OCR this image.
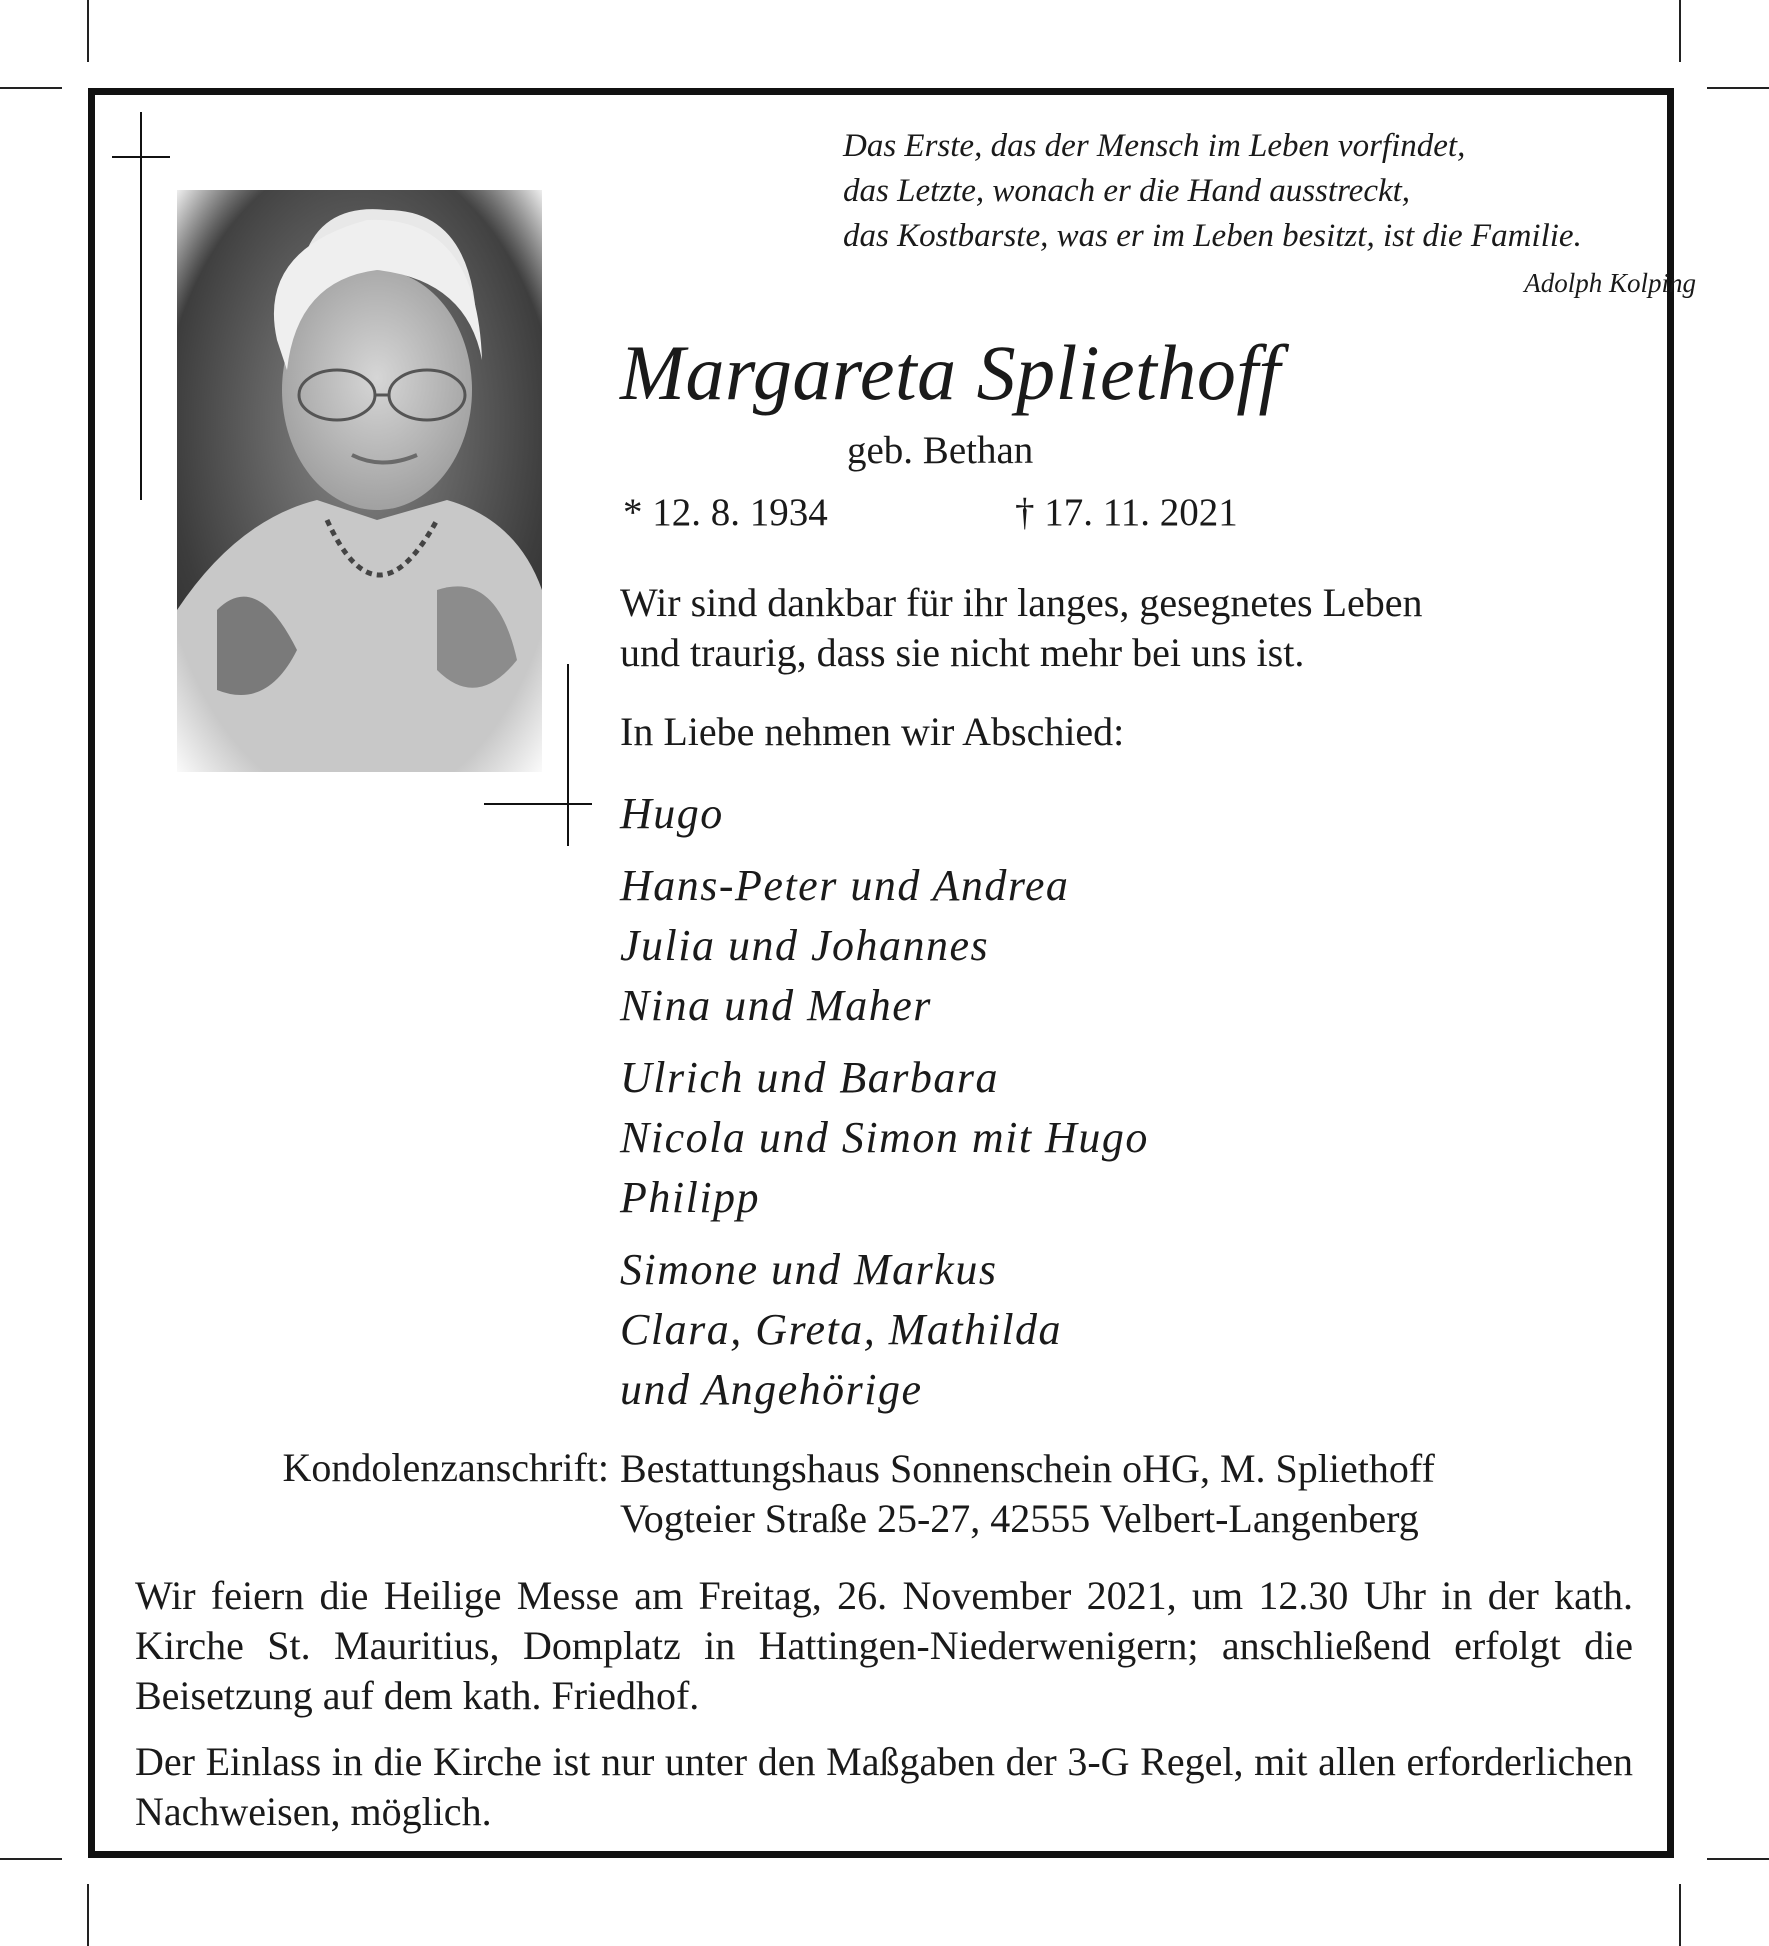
Das Erste, das der Mensch im Leben vorfindet,
das Letzte, wonach er die Hand ausstreckt,
das Kostbarste, was er im Leben besitzt, ist die Familie.
Adolph Kolping
Margareta Spliethoff
geb. Bethan
* 12. 8. 1934	† 17. 11. 2021
Wir sind dankbar für ihr langes, gesegnetes Leben
und traurig, dass sie nicht mehr bei uns ist.
In Liebe nehmen wir Abschied:
Hugo
Hans-Peter und Andrea
Julia und Johannes
Nina und Maher
Ulrich und Barbara
Nicola und Simon mit Hugo
Philipp
Simone und Markus
Clara, Greta, Mathilda
und Angehörige
Kondolenzanschrift: Bestattungshaus Sonnenschein oHG, M. Spliethoff
Vogteier Straße 25-27, 42555 Velbert-Langenberg
Wir feiern die Heilige Messe am Freitag, 26. November 2021, um 12.30 Uhr in der kath. Kirche St. Mauritius, Domplatz in Hattingen-Niederwenigern; anschließend erfolgt die Beisetzung auf dem kath. Friedhof.
Der Einlass in die Kirche ist nur unter den Maßgaben der 3-G Regel, mit allen erforderlichen Nachweisen, möglich.
